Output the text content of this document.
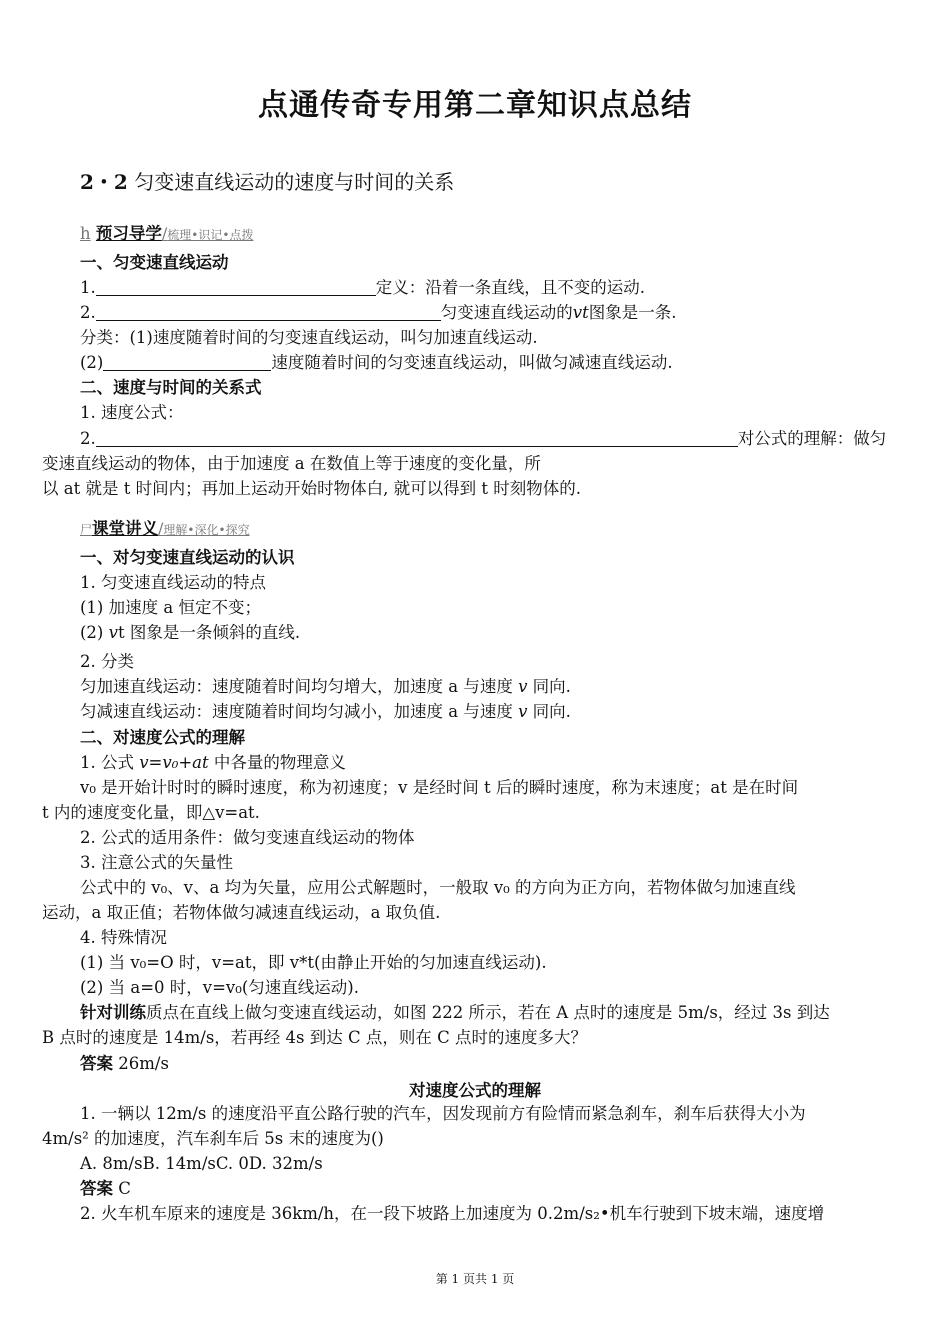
点通传奇专用第二章知识点总结
2・2 匀变速直线运动的速度与时间的关系
h 预习导学/梳理•识记•点拨
一、匀变速直线运动
1.	定义：沿着一条直线，且不变的运动.
2.	匀变速直线运动的vt图象是一条.
分类：(1)速度随着时间的匀变速直线运动，叫匀加速直线运动.
(2)	速度随着时间的匀变速直线运动，叫做匀减速直线运动.
二、速度与时间的关系式
1. 速度公式：
2.	对公式的理解：做匀
变速直线运动的物体，由于加速度 a 在数值上等于速度的变化量，所
以 at 就是 t 时间内；再加上运动开始时物体白, 就可以得到 t 时刻物体的.
尸课堂讲义/理解•深化•探究
一、对匀变速直线运动的认识
1. 匀变速直线运动的特点
(1) 加速度 a 恒定不变；
(2) vt 图象是一条倾斜的直线.
2. 分类
匀加速直线运动：速度随着时间均匀增大，加速度 a 与速度 v 同向.
匀减速直线运动：速度随着时间均匀减小，加速度 a 与速度 v 同向.
二、对速度公式的理解
1. 公式 v=v₀+at 中各量的物理意义
v₀ 是开始计时时的瞬时速度，称为初速度；v 是经时间 t 后的瞬时速度，称为末速度；at 是在时间
t 内的速度变化量，即△v=at.
2. 公式的适用条件：做匀变速直线运动的物体
3. 注意公式的矢量性
公式中的 v₀、v、a 均为矢量，应用公式解题时，一般取 v₀ 的方向为正方向，若物体做匀加速直线
运动，a 取正值；若物体做匀减速直线运动，a 取负值.
4. 特殊情况
(1) 当 v₀=O 时，v=at，即 v*t(由静止开始的匀加速直线运动).
(2) 当 a=0 时，v=v₀(匀速直线运动).
针对训练质点在直线上做匀变速直线运动，如图 222 所示，若在 A 点时的速度是 5m/s，经过 3s 到达
B 点时的速度是 14m/s，若再经 4s 到达 C 点，则在 C 点时的速度多大？
答案 26m/s
对速度公式的理解
1. 一辆以 12m/s 的速度沿平直公路行驶的汽车，因发现前方有险情而紧急刹车，刹车后获得大小为
4m/s² 的加速度，汽车刹车后 5s 末的速度为()
A. 8m/sB. 14m/sC. 0D. 32m/s
答案 C
2. 火车机车原来的速度是 36km/h，在一段下坡路上加速度为 0.2m/s₂•机车行驶到下坡末端，速度增
第 1 页共 1 页
